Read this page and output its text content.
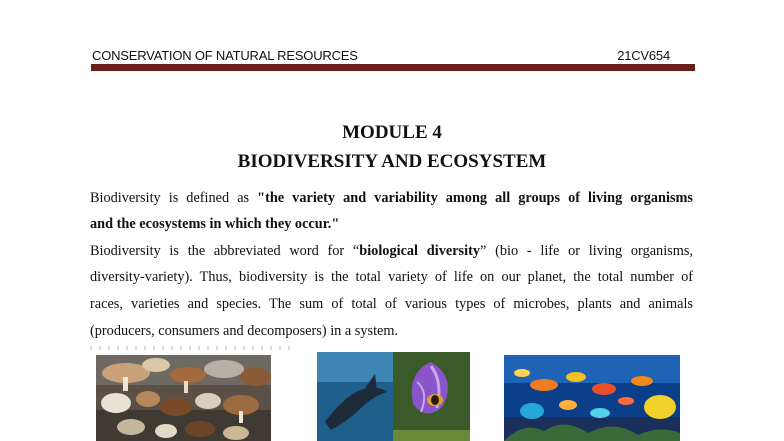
CONSERVATION OF NATURAL RESOURCES	21CV654
MODULE 4
BIODIVERSITY AND ECOSYSTEM
Biodiversity is defined as "the variety and variability among all groups of living organisms
and the ecosystems in which they occur."
Biodiversity is the abbreviated word for “biological diversity” (bio - life or living organisms,
diversity-variety). Thus, biodiversity is the total variety of life on our planet, the total number of
races, varieties and species. The sum of total of various types of microbes, plants and animals
(producers, consumers and decomposers) in a system.
